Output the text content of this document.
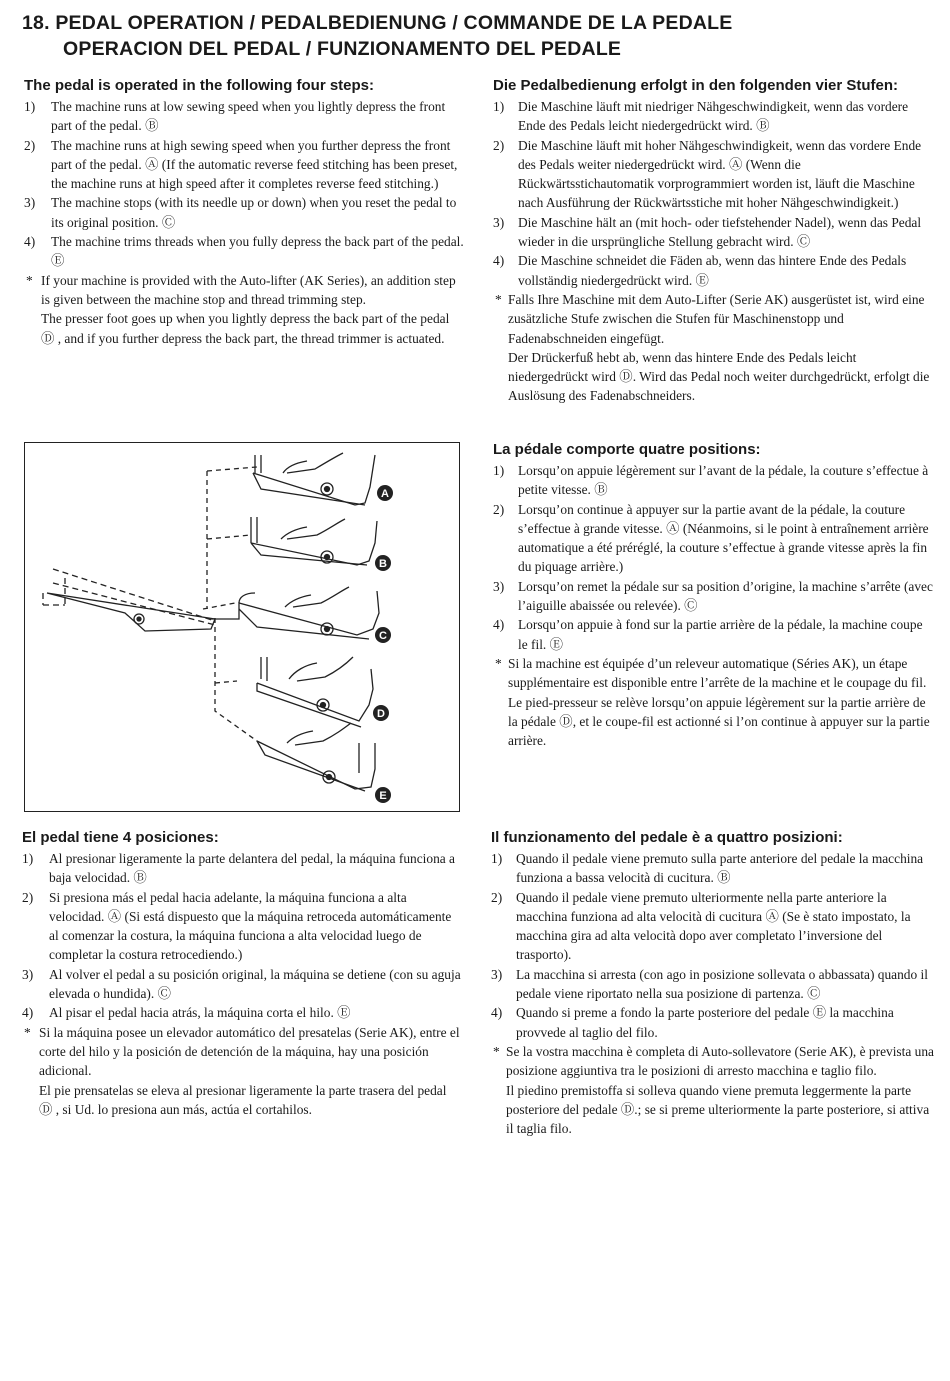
18. PEDAL OPERATION / PEDALBEDIENUNG / COMMANDE DE LA PEDALE
OPERACION DEL PEDAL / FUNZIONAMENTO DEL PEDALE
The pedal is operated in the following four steps:
1) The machine runs at low sewing speed when you lightly depress the front part of the pedal. Ⓑ
2) The machine runs at high sewing speed when you further depress the front part of the pedal. Ⓐ (If the automatic reverse feed stitching has been preset, the machine runs at high speed after it completes reverse feed stitching.)
3) The machine stops (with its needle up or down) when you reset the pedal to its original position. Ⓒ
4) The machine trims threads when you fully depress the back part of the pedal. Ⓔ
* If your machine is provided with the Auto-lifter (AK Series), an addition step is given between the machine stop and thread trimming step.

The presser foot goes up when you lightly depress the back part of the pedal Ⓓ , and if you further depress the back part, the thread trimmer is actuated.

Die Pedalbedienung erfolgt in den folgenden vier Stufen:
1) Die Maschine läuft mit niedriger Nähgeschwindigkeit, wenn das vordere Ende des Pedals leicht niedergedrückt wird. Ⓑ
2) Die Maschine läuft mit hoher Nähgeschwindigkeit, wenn das vordere Ende des Pedals weiter niedergedrückt wird. Ⓐ (Wenn die Rückwärtsstichautomatik vorprogrammiert worden ist, läuft die Maschine nach Ausführung der Rückwärtsstiche mit hoher Nähgeschwindigkeit.)
3) Die Maschine hält an (mit hoch- oder tiefstehender Nadel), wenn das Pedal wieder in die ursprüngliche Stellung gebracht wird. Ⓒ
4) Die Maschine schneidet die Fäden ab, wenn das hintere Ende des Pedals vollständig niedergedrückt wird. Ⓔ
* Falls Ihre Maschine mit dem Auto-Lifter (Serie AK) ausgerüstet ist, wird eine zusätzliche Stufe zwischen die Stufen für Maschinenstopp und Fadenabschneiden eingefügt.

Der Drückerfuß hebt ab, wenn das hintere Ende des Pedals leicht niedergedrückt wird Ⓓ. Wird das Pedal noch weiter durchgedrückt, erfolgt die Auslösung des Fadenabschneiders.

A
B
C
D
E
La pédale comporte quatre positions:
1) Lorsqu’on appuie légèrement sur l’avant de la pédale, la couture s’effectue à petite vitesse. Ⓑ
2) Lorsqu’on continue à appuyer sur la partie avant de la pédale, la couture s’effectue à grande vitesse. Ⓐ (Néanmoins, si le point à entraînement arrière automatique a été préréglé, la couture s’effectue à grande vitesse après la fin du piquage arrière.)
3) Lorsqu’on remet la pédale sur sa position d’origine, la machine s’arrête (avec l’aiguille abaissée ou relevée). Ⓒ
4) Lorsqu’on appuie à fond sur la partie arrière de la pédale, la machine coupe le fil. Ⓔ
* Si la machine est équipée d’un releveur automatique (Séries AK), un étape supplémentaire est disponible entre l’arrête de la machine et le coupage du fil.

Le pied-presseur se relève lorsqu’on appuie légèrement sur la partie arrière de la pédale Ⓓ, et le coupe-fil est actionné si l’on continue à appuyer sur la partie arrière.

El pedal tiene 4 posiciones:
1) Al presionar ligeramente la parte delantera del pedal, la máquina funciona a baja velocidad. Ⓑ
2) Si presiona más el pedal hacia adelante, la máquina funciona a alta velocidad. Ⓐ (Si está dispuesto que la máquina retroceda automáticamente al comenzar la costura, la máquina funciona a alta velocidad luego de completar la costura retrocediendo.)
3) Al volver el pedal a su posición original, la máquina se detiene (con su aguja elevada o hundida). Ⓒ
4) Al pisar el pedal hacia atrás, la máquina corta el hilo. Ⓔ
* Si la máquina posee un elevador automático del presatelas (Serie AK), entre el corte del hilo y la posición de detención de la máquina, hay una posición adicional.

El pie prensatelas se eleva al presionar ligeramente la parte trasera del pedal Ⓓ , si Ud. lo presiona aun más, actúa el cortahilos.

Il funzionamento del pedale è a quattro posizioni:
1) Quando il pedale viene premuto sulla parte anteriore del pedale la macchina funziona a bassa velocità di cucitura. Ⓑ
2) Quando il pedale viene premuto ulteriormente nella parte anteriore la macchina funziona ad alta velocità di cucitura Ⓐ (Se è stato impostato, la macchina gira ad alta velocità dopo aver completato l’inversione del trasporto).
3) La macchina si arresta (con ago in posizione sollevata o abbassata) quando il pedale viene riportato nella sua posizione di partenza. Ⓒ
4) Quando si preme a fondo la parte posteriore del pedale Ⓔ la macchina provvede al taglio del filo.
* Se la vostra macchina è completa di Auto-sollevatore (Serie AK), è prevista una posizione aggiuntiva tra le posizioni di arresto macchina e taglio filo.

Il piedino premistoffa si solleva quando viene premuta leggermente la parte posteriore del pedale Ⓓ.; se si preme ulteriormente la parte posteriore, si attiva il taglia filo.
